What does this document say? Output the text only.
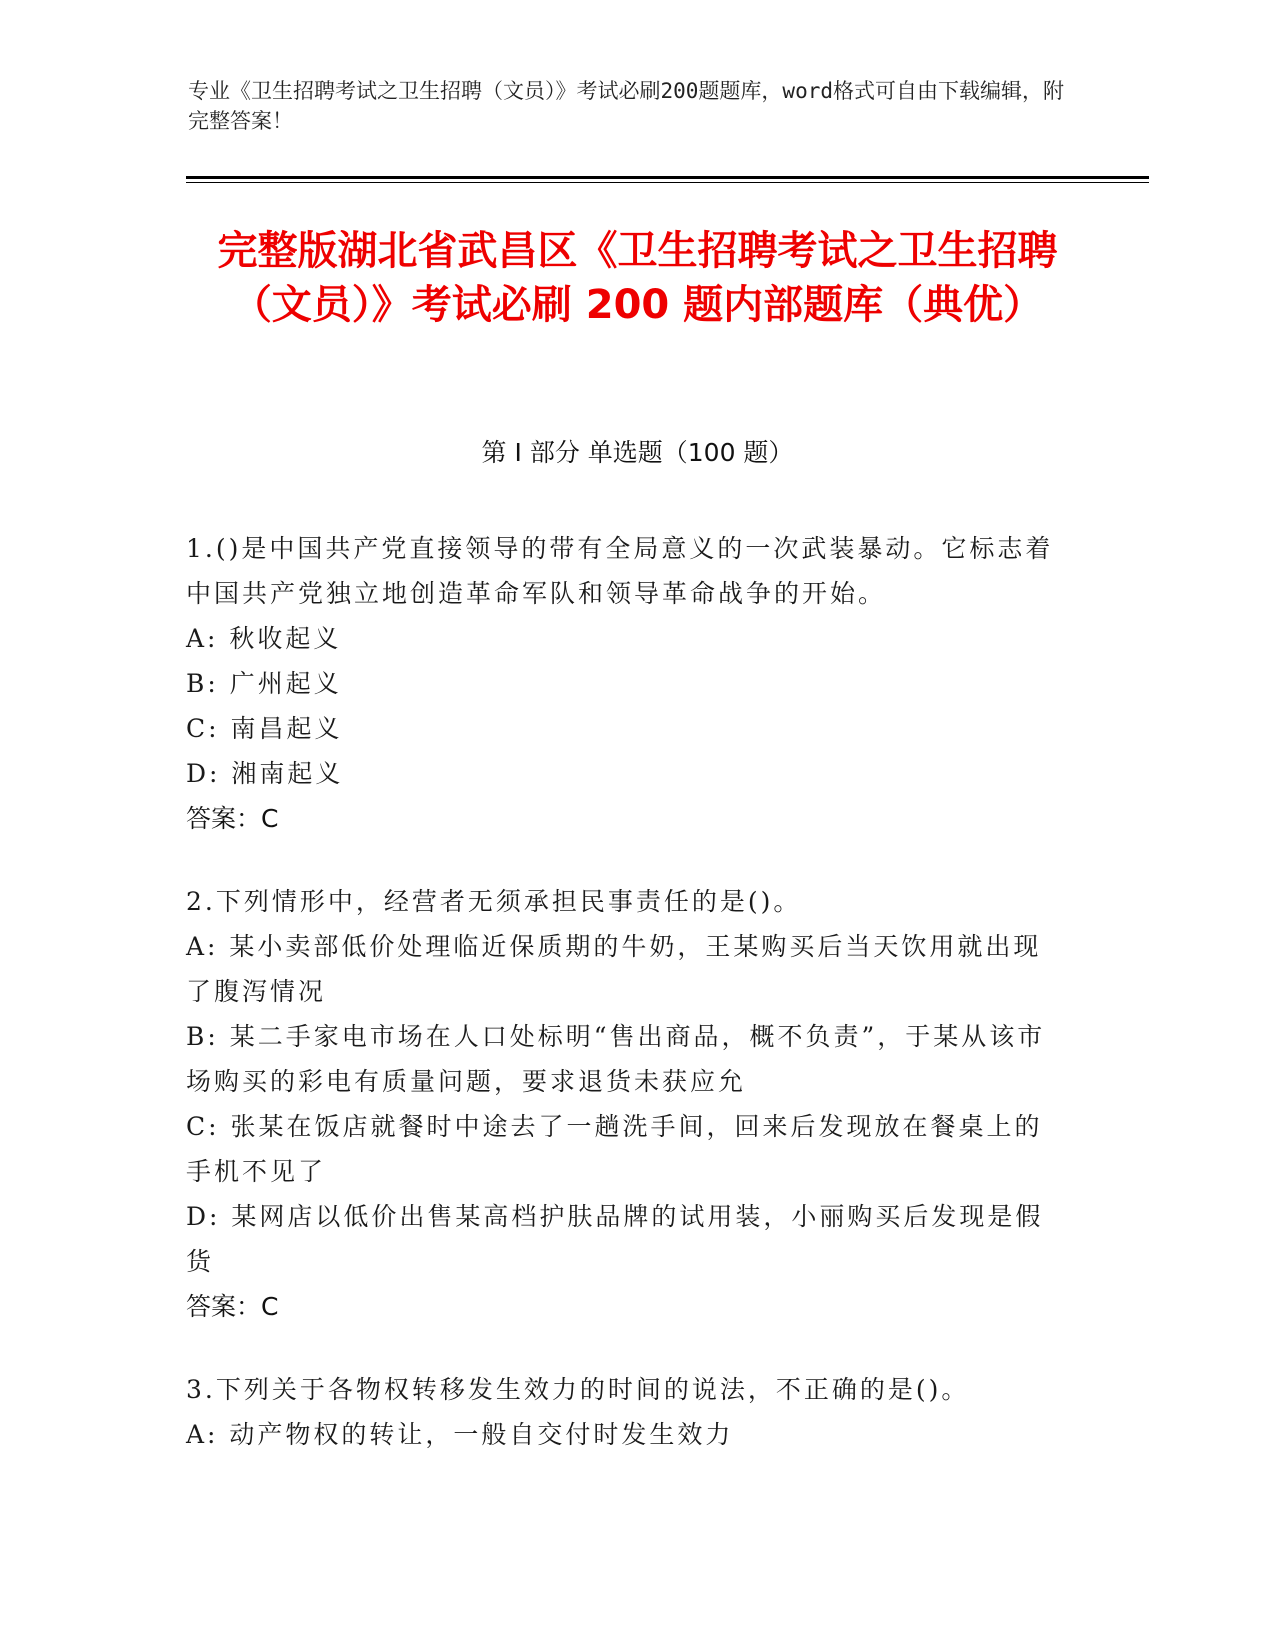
专业《卫生招聘考试之卫生招聘（文员）》考试必刷200题题库，word格式可自由下载编辑，附完整答案！
完整版湖北省武昌区《卫生招聘考试之卫生招聘（文员）》考试必刷 200 题内部题库（典优）
第 I 部分 单选题（100 题）

1.()是中国共产党直接领导的带有全局意义的一次武装暴动。它标志着中国共产党独立地创造革命军队和领导革命战争的开始。

A: 秋收起义

B: 广州起义

C: 南昌起义

D: 湘南起义

答案：C

2.下列情形中，经营者无须承担民事责任的是()。

A: 某小卖部低价处理临近保质期的牛奶，王某购买后当天饮用就出现了腹泻情况

B: 某二手家电市场在人口处标明“售出商品，概不负责”，于某从该市场购买的彩电有质量问题，要求退货未获应允

C: 张某在饭店就餐时中途去了一趟洗手间，回来后发现放在餐桌上的手机不见了

D: 某网店以低价出售某高档护肤品牌的试用装，小丽购买后发现是假货

答案：C

3.下列关于各物权转移发生效力的时间的说法，不正确的是()。

A: 动产物权的转让，一般自交付时发生效力
